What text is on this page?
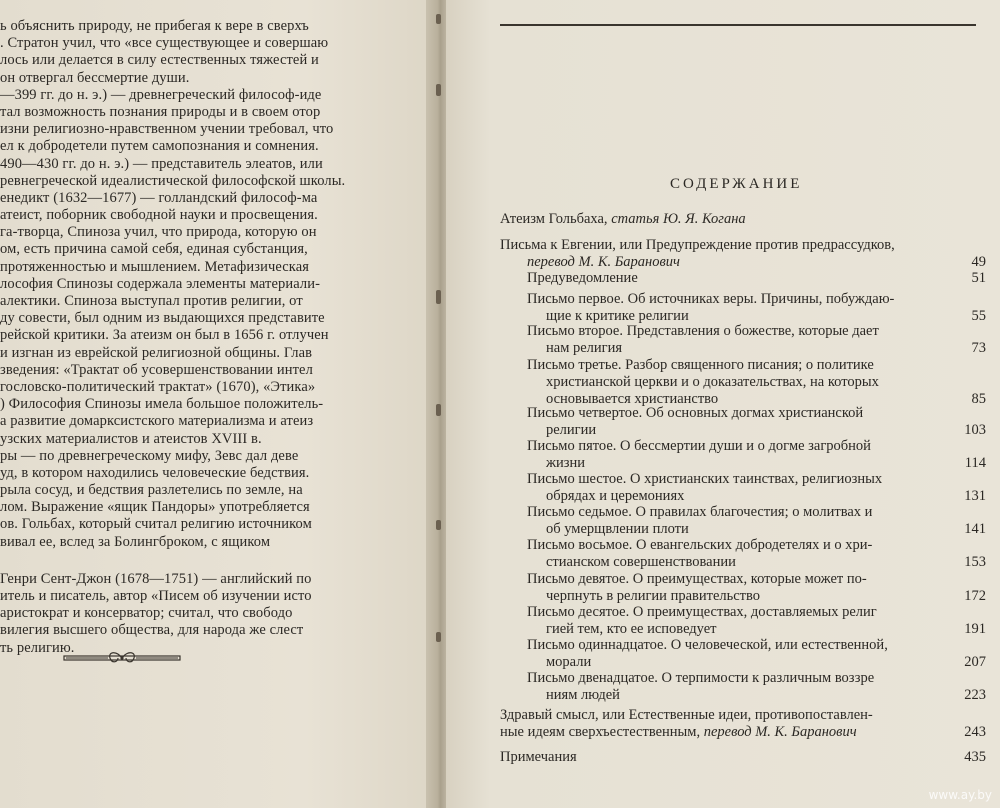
ь объяснить природу, не прибегая к вере в сверхъ
. Стратон учил, что «все существующее и совершаю
лось или делается в силу естественных тяжестей и
он отвергал бессмертие души.
—399 гг. до н. э.) — древнегреческий философ-иде
тал возможность познания природы и в своем отор
изни религиозно-нравственном учении требовал, что
ел к добродетели путем самопознания и сомнения.
490—430 гг. до н. э.) — представитель элеатов, или
ревнегреческой идеалистической философской школы.
енедикт (1632—1677) — голландский философ-ма
атеист, поборник свободной науки и просвещения.
га-творца, Спиноза учил, что природа, которую он
ом, есть причина самой себя, единая субстанция,
протяженностью и мышлением. Метафизическая
лософия Спинозы содержала элементы материали-
алектики. Спиноза выступал против религии, от
ду совести, был одним из выдающихся представите
рейской критики. За атеизм он был в 1656 г. отлучен
и изгнан из еврейской религиозной общины. Глав
зведения: «Трактат об усовершенствовании интел
гословско-политический трактат» (1670), «Этика»
) Философия Спинозы имела большое положитель-
а развитие домарксистского материализма и атеиз
узских материалистов и атеистов XVIII в.
ры — по древнегреческому мифу, Зевс дал деве
уд, в котором находились человеческие бедствия.
рыла сосуд, и бедствия разлетелись по земле, на
лом. Выражение «ящик Пандоры» употребляется
ов. Гольбах, который считал религию источником
вивал ее, вслед за Болингброком, с ящиком
Генри Сент-Джон (1678—1751) — английский по
итель и писатель, автор «Писем об изучении исто
аристократ и консерватор; считал, что свободо
вилегия высшего общества, для народа же слест
ть религию.
СОДЕРЖАНИЕ
Атеизм Гольбаха, статья Ю. Я. Когана
Письма к Евгении, или Предупреждение против предрассудков,
перевод М. К. Баранович	49
Предуведомление	51
Письмо первое. Об источниках веры. Причины, побуждаю-
щие к критике религии	55
Письмо второе. Представления о божестве, которые дает
нам религия	73
Письмо третье. Разбор священного писания; о политике
христианской церкви и о доказательствах, на которых
основывается христианство	85
Письмо четвертое. Об основных догмах христианской
религии	103
Письмо пятое. О бессмертии души и о догме загробной
жизни	114
Письмо шестое. О христианских таинствах, религиозных
обрядах и церемониях	131
Письмо седьмое. О правилах благочестия; о молитвах и
об умерщвлении плоти	141
Письмо восьмое. О евангельских добродетелях и о хри-
стианском совершенствовании	153
Письмо девятое. О преимуществах, которые может по-
черпнуть в религии правительство	172
Письмо десятое. О преимуществах, доставляемых религ
гией тем, кто ее исповедует	191
Письмо одиннадцатое. О человеческой, или естественной,
морали	207
Письмо двенадцатое. О терпимости к различным воззре
ниям людей	223
Здравый смысл, или Естественные идеи, противопоставлен-
ные идеям сверхъестественным, перевод М. К. Баранович	243
Примечания	435
www.ay.by
